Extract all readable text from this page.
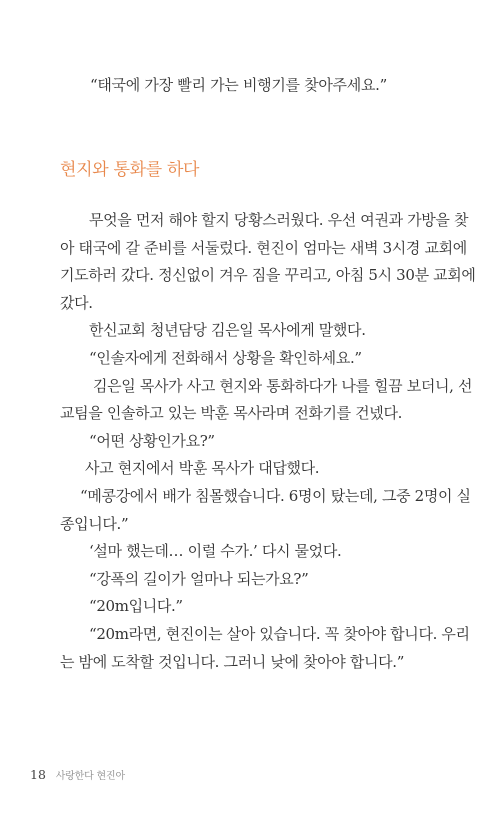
“태국에 가장 빨리 가는 비행기를 찾아주세요.”
현지와 통화를 하다
무엇을 먼저 해야 할지 당황스러웠다. 우선 여권과 가방을 찾
아 태국에 갈 준비를 서둘렀다. 현진이 엄마는 새벽 3시경 교회에
기도하러 갔다. 정신없이 겨우 짐을 꾸리고, 아침 5시 30분 교회에
갔다.
한신교회 청년담당 김은일 목사에게 말했다.
“인솔자에게 전화해서 상황을 확인하세요.”
김은일 목사가 사고 현지와 통화하다가 나를 힐끔 보더니, 선
교팀을 인솔하고 있는 박훈 목사라며 전화기를 건넸다.
“어떤 상황인가요?”
사고 현지에서 박훈 목사가 대답했다.
“메콩강에서 배가 침몰했습니다. 6명이 탔는데, 그중 2명이 실
종입니다.”
‘설마 했는데… 이럴 수가.’ 다시 물었다.
“강폭의 길이가 얼마나 되는가요?”
“20m입니다.”
“20m라면, 현진이는 살아 있습니다. 꼭 찾아야 합니다. 우리
는 밤에 도착할 것입니다. 그러니 낮에 찾아야 합니다.”
18 사랑한다 현진아
